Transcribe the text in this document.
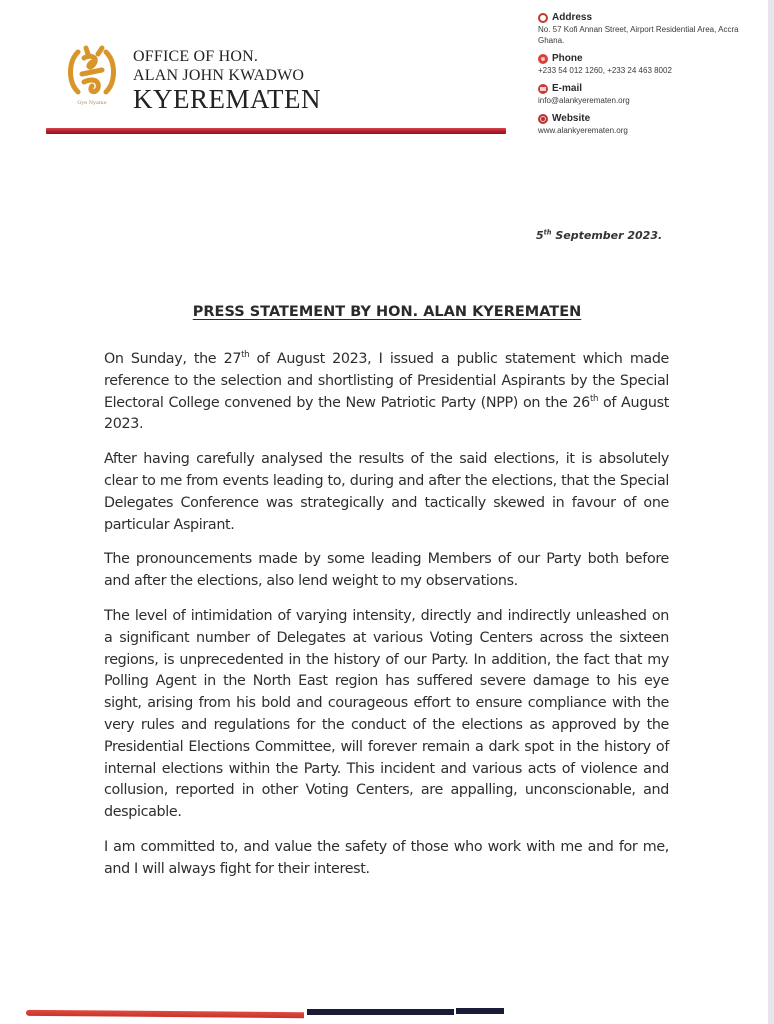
Gye Nyame
OFFICE OF HON.
ALAN JOHN KWADWO
KYEREMATEN
Address
No. 57 Kofi Annan Street, Airport Residential Area, Accra Ghana.
Phone
+233 54 012 1260, +233 24 463 8002
E-mail
info@alankyerematen.org
Website
www.alankyerematen.org
5th September 2023.
PRESS STATEMENT BY HON. ALAN KYEREMATEN

On Sunday, the 27th of August 2023, I issued a public statement which made reference to the selection and shortlisting of Presidential Aspirants by the Special Electoral College convened by the New Patriotic Party (NPP) on the 26th of August 2023.

After having carefully analysed the results of the said elections, it is absolutely clear to me from events leading to, during and after the elections, that the Special Delegates Conference was strategically and tactically skewed in favour of one particular Aspirant.

The pronouncements made by some leading Members of our Party both before and after the elections, also lend weight to my observations.

The level of intimidation of varying intensity, directly and indirectly unleashed on a significant number of Delegates at various Voting Centers across the sixteen regions, is unprecedented in the history of our Party. In addition, the fact that my Polling Agent in the North East region has suffered severe damage to his eye sight, arising from his bold and courageous effort to ensure compliance with the very rules and regulations for the conduct of the elections as approved by the Presidential Elections Committee, will forever remain a dark spot in the history of internal elections within the Party. This incident and various acts of violence and collusion, reported in other Voting Centers, are appalling, unconscionable, and despicable.

I am committed to, and value the safety of those who work with me and for me, and I will always fight for their interest.
